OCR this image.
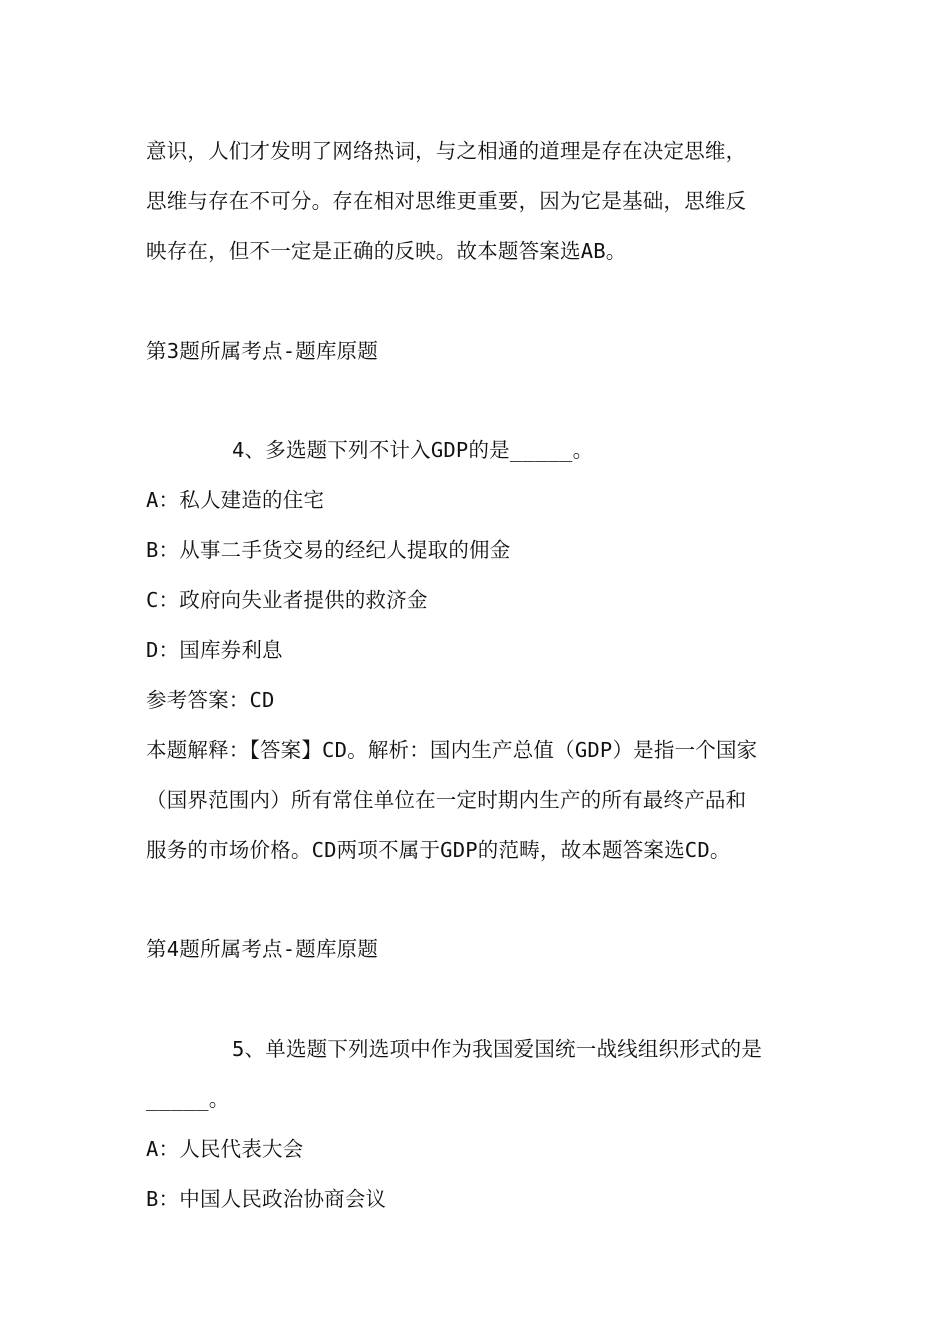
意识，人们才发明了网络热词，与之相通的道理是存在决定思维，
思维与存在不可分。存在相对思维更重要，因为它是基础，思维反
映存在，但不一定是正确的反映。故本题答案选AB。
第3题所属考点-题库原题
4、多选题下列不计入GDP的是_____。
A：私人建造的住宅
B：从事二手货交易的经纪人提取的佣金
C：政府向失业者提供的救济金
D：国库券利息
参考答案：CD
本题解释：【答案】CD。解析：国内生产总值（GDP）是指一个国家
（国界范围内）所有常住单位在一定时期内生产的所有最终产品和
服务的市场价格。CD两项不属于GDP的范畴，故本题答案选CD。
第4题所属考点-题库原题
5、单选题下列选项中作为我国爱国统一战线组织形式的是
_____。
A：人民代表大会
B：中国人民政治协商会议
